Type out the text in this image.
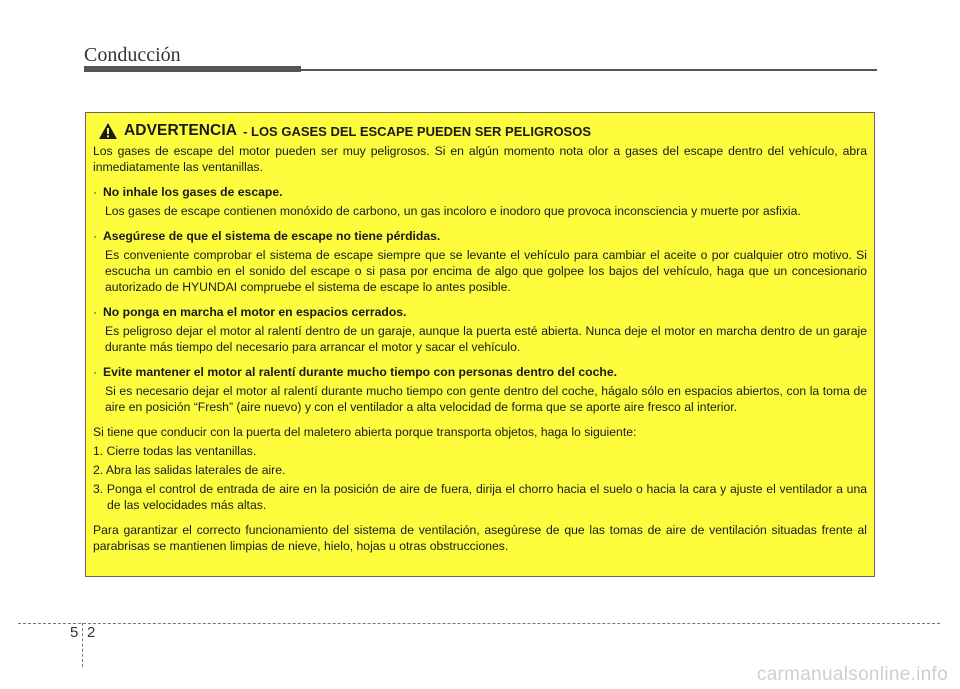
Conducción
ADVERTENCIA - LOS GASES DEL ESCAPE PUEDEN SER PELIGROSOS

Los gases de escape del motor pueden ser muy peligrosos. Si en algún momento nota olor a gases del escape dentro del vehículo, abra inmediatamente las ventanillas.

· No inhale los gases de escape.

Los gases de escape contienen monóxido de carbono, un gas incoloro e inodoro que provoca inconsciencia y muerte por asfixia.

· Asegúrese de que el sistema de escape no tiene pérdidas.

Es conveniente comprobar el sistema de escape siempre que se levante el vehículo para cambiar el aceite o por cualquier otro motivo. Si escucha un cambio en el sonido del escape o si pasa por encima de algo que golpee los bajos del vehículo, haga que un concesionario autorizado de HYUNDAI compruebe el sistema de escape lo antes posible.

· No ponga en marcha el motor en espacios cerrados.

Es peligroso dejar el motor al ralentí dentro de un garaje, aunque la puerta esté abierta. Nunca deje el motor en marcha dentro de un garaje durante más tiempo del necesario para arrancar el motor y sacar el vehículo.

· Evite mantener el motor al ralentí durante mucho tiempo con personas dentro del coche.

Si es necesario dejar el motor al ralentí durante mucho tiempo con gente dentro del coche, hágalo sólo en espacios abiertos, con la toma de aire en posición “Fresh” (aire nuevo) y con el ventilador a alta velocidad de forma que se aporte aire fresco al interior.

Si tiene que conducir con la puerta del maletero abierta porque transporta objetos, haga lo siguiente:

1. Cierre todas las ventanillas.

2. Abra las salidas laterales de aire.

3. Ponga el control de entrada de aire en la posición de aire de fuera, dirija el chorro hacia el suelo o hacia la cara y ajuste el ventilador a una de las velocidades más altas.

Para garantizar el correcto funcionamiento del sistema de ventilación, asegúrese de que las tomas de aire de ventilación situadas frente al parabrisas se mantienen limpias de nieve, hielo, hojas u otras obstrucciones.

5 2
carmanualsonline.info
